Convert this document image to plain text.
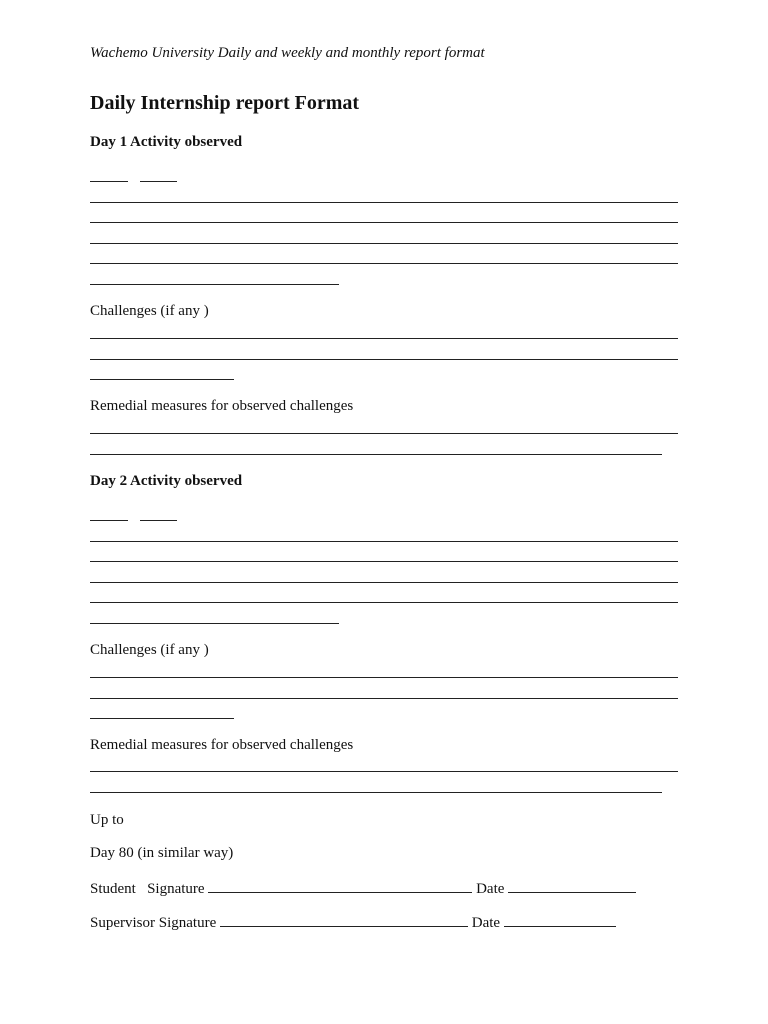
Wachemo University Daily and weekly and monthly report format
Daily Internship report Format
Day 1 Activity observed
Challenges (if any )
Remedial measures for observed challenges
Day 2 Activity observed
Challenges (if any )
Remedial measures for observed challenges
Up to
Day 80 (in similar way)
Student   Signature	Date
Supervisor Signature	Date
